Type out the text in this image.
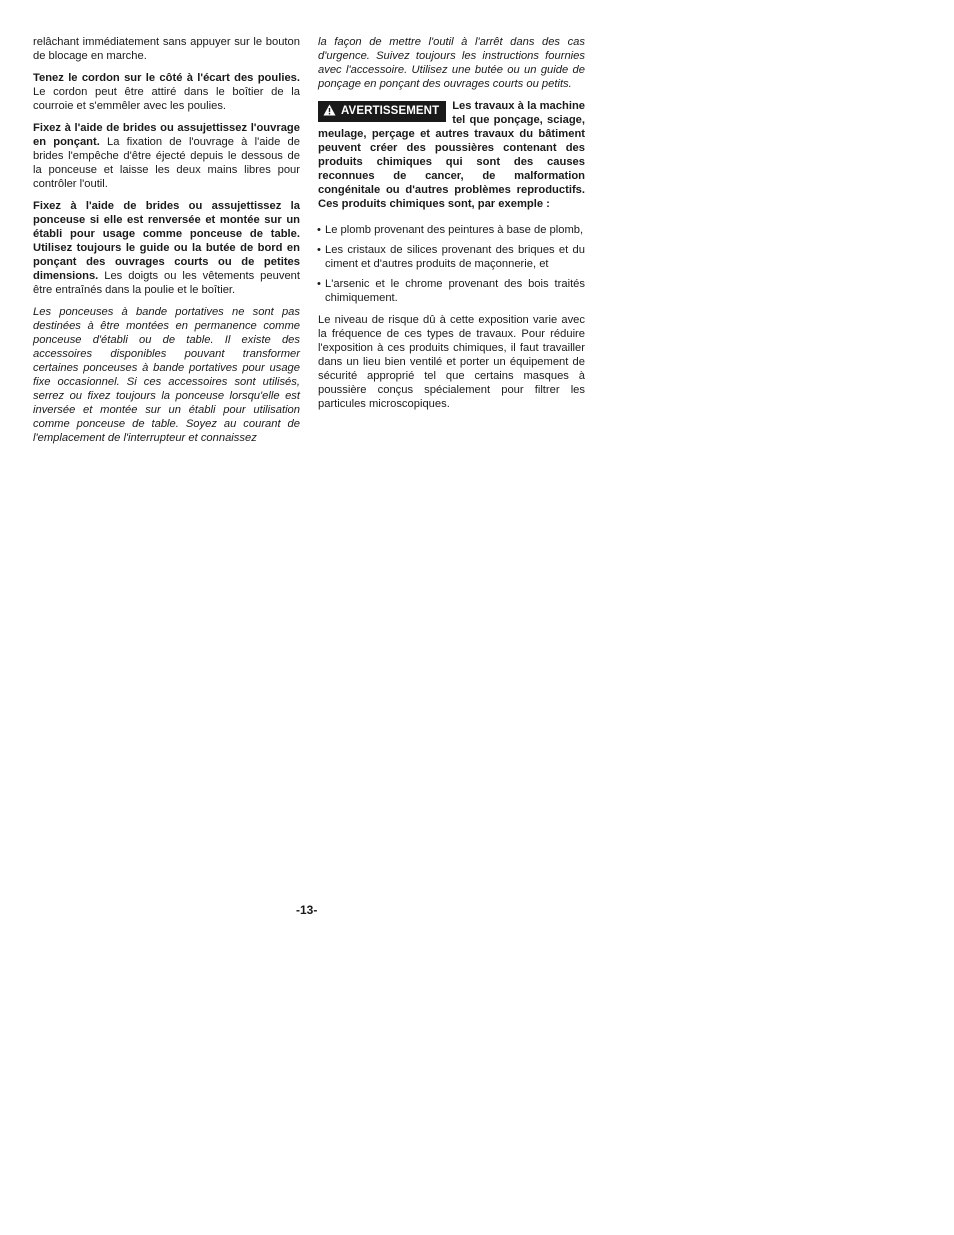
relâchant immédiatement sans appuyer sur le bouton de blocage en marche.

Tenez le cordon sur le côté à l'écart des poulies. Le cordon peut être attiré dans le boîtier de la courroie et s'emmêler avec les poulies.

Fixez à l'aide de brides ou assujettissez l'ouvrage en ponçant. La fixation de l'ouvrage à l'aide de brides l'empêche d'être éjecté depuis le dessous de la ponceuse et laisse les deux mains libres pour contrôler l'outil.

Fixez à l'aide de brides ou assujettissez la ponceuse si elle est renversée et montée sur un établi pour usage comme ponceuse de table. Utilisez toujours le guide ou la butée de bord en ponçant des ouvrages courts ou de petites dimensions. Les doigts ou les vêtements peuvent être entraînés dans la poulie et le boîtier.

Les ponceuses à bande portatives ne sont pas destinées à être montées en permanence comme ponceuse d'établi ou de table. Il existe des accessoires disponibles pouvant transformer certaines ponceuses à bande portatives pour usage fixe occasionnel. Si ces accessoires sont utilisés, serrez ou fixez toujours la ponceuse lorsqu'elle est inversée et montée sur un établi pour utilisation comme ponceuse de table. Soyez au courant de l'emplacement de l'interrupteur et connaissez

la façon de mettre l'outil à l'arrêt dans des cas d'urgence. Suivez toujours les instructions fournies avec l'accessoire. Utilisez une butée ou un guide de ponçage en ponçant des ouvrages courts ou petits.

AVERTISSEMENT	Les travaux à la machine tel que ponçage, sciage, meulage, perçage et autres travaux du bâtiment peuvent créer des poussières contenant des produits chimiques qui sont des causes reconnues de cancer, de malformation congénitale ou d'autres problèmes reproductifs. Ces produits chimiques sont, par exemple :

• Le plomb provenant des peintures à base de plomb,
• Les cristaux de silices provenant des briques et du ciment et d'autres produits de maçonnerie, et
• L'arsenic et le chrome provenant des bois traités chimiquement.

Le niveau de risque dû à cette exposition varie avec la fréquence de ces types de travaux. Pour réduire l'exposition à ces produits chimiques, il faut travailler dans un lieu bien ventilé et porter un équipement de sécurité approprié tel que certains masques à poussière conçus spécialement pour filtrer les particules microscopiques.

-13-
